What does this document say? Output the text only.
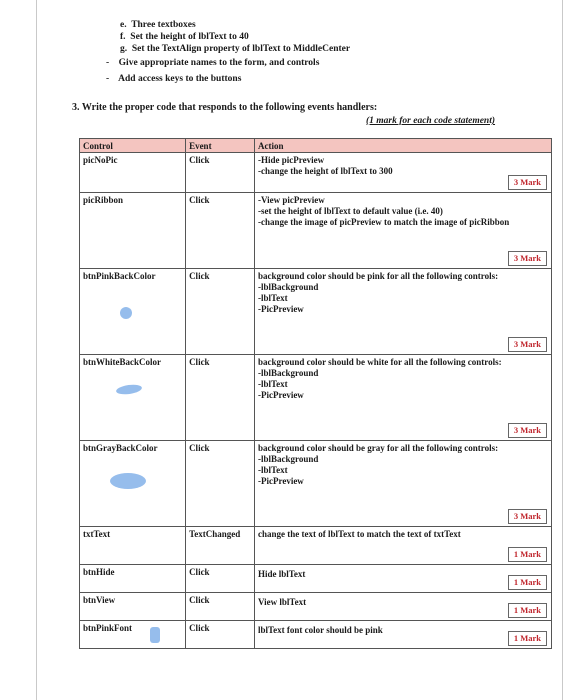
e. Three textboxes
f. Set the height of lblText to 40
g. Set the TextAlign property of lblText to MiddleCenter
- Give appropriate names to the form, and controls
- Add access keys to the buttons
3. Write the proper code that responds to the following events handlers:
(1 mark for each code statement)
Control	Event	Action
picNoPic	Click	-Hide picPreview
-change the height of lblText to 300
3 Mark

picRibbon	Click	-View picPreview
-set the height of lblText to default value (i.e. 40)
-change the image of picPreview to match the image of picRibbon
3 Mark

btnPinkBackColor	Click	background color should be pink for all the following controls:
-lblBackground
-lblText
-PicPreview
3 Mark

btnWhiteBackColor	Click	background color should be white for all the following controls:
-lblBackground
-lblText
-PicPreview
3 Mark

btnGrayBackColor	Click	background color should be gray for all the following controls:
-lblBackground
-lblText
-PicPreview
3 Mark

txtText	TextChanged	change the text of lblText to match the text of txtText
1 Mark

btnHide	Click	Hide lblText
1 Mark

btnView	Click	View lblText
1 Mark

btnPinkFont	Click	lblText font color should be pink
1 Mark
